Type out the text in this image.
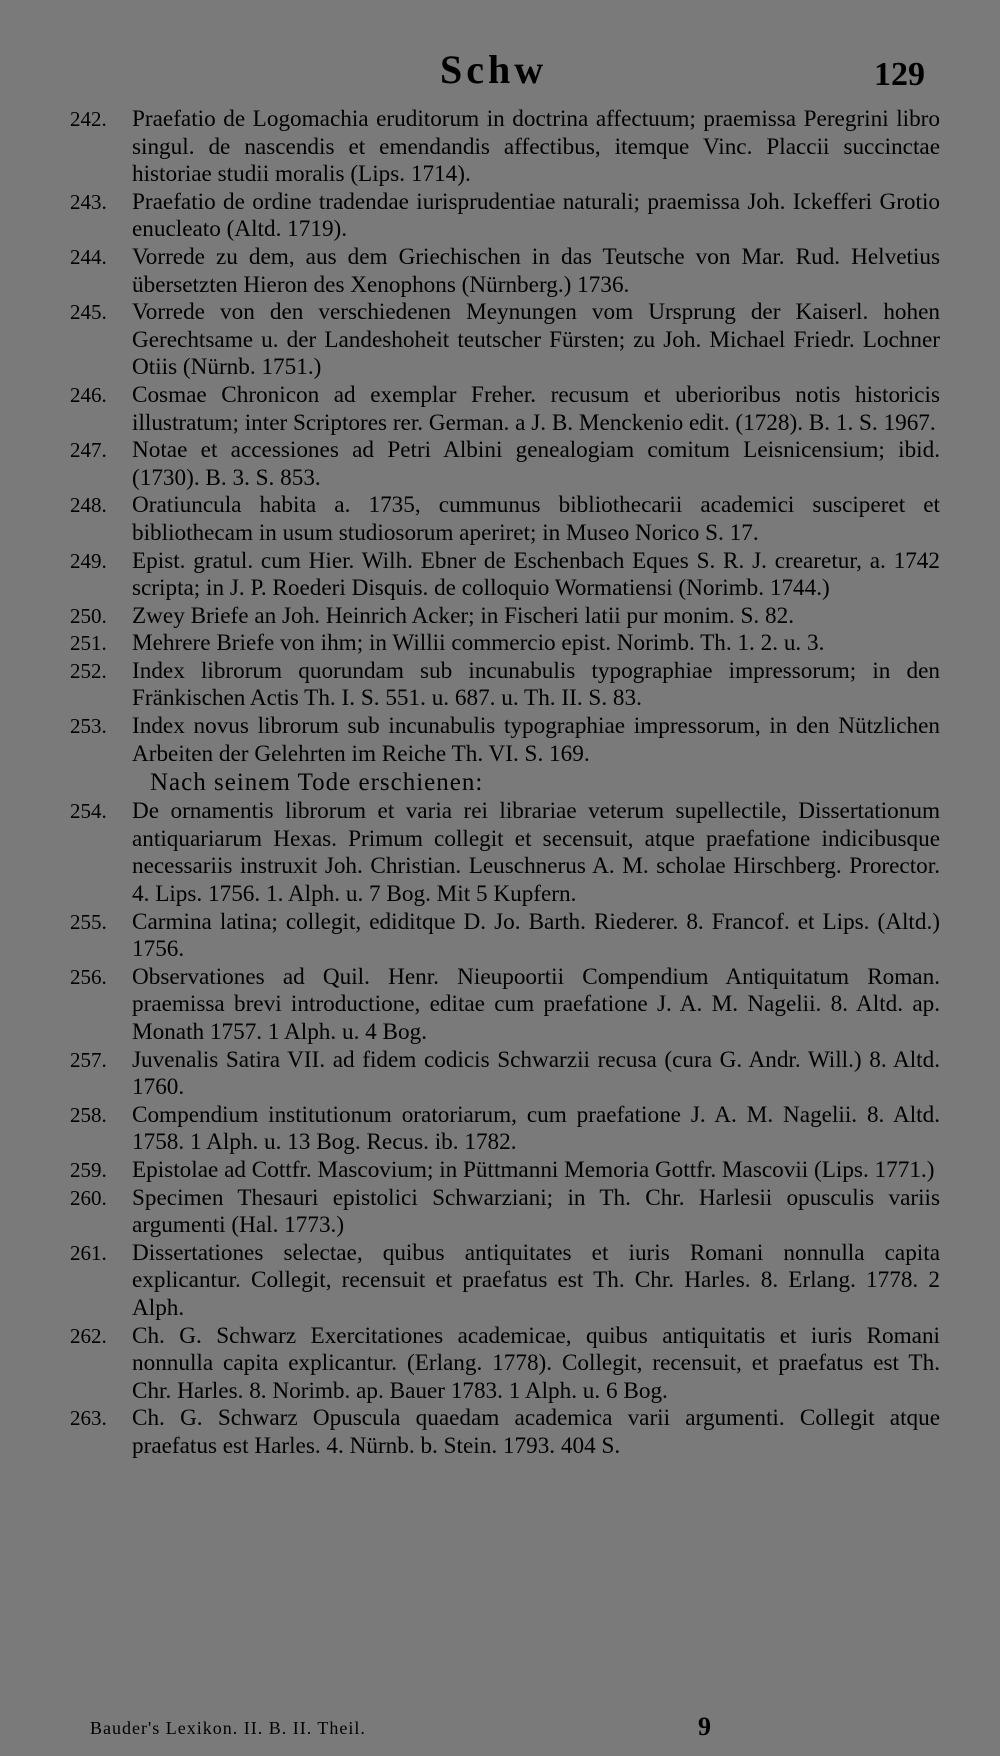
Schw	129
242.	Praefatio de Logomachia eruditorum in doctrina affectuum; praemissa Peregrini libro singul. de nascendis et emendandis affectibus, itemque Vinc. Placcii succinctae historiae studii moralis (Lips. 1714).
243.	Praefatio de ordine tradendae iurisprudentiae naturali; praemissa Joh. Ickefferi Grotio enucleato (Altd. 1719).
244.	Vorrede zu dem, aus dem Griechischen in das Teutsche von Mar. Rud. Helvetius übersetzten Hieron des Xenophons (Nürnberg.) 1736.
245.	Vorrede von den verschiedenen Meynungen vom Ursprung der Kaiserl. hohen Gerechtsame u. der Landeshoheit teutscher Fürsten; zu Joh. Michael Friedr. Lochner Otiis (Nürnb. 1751.)
246.	Cosmae Chronicon ad exemplar Freher. recusum et uberioribus notis historicis illustratum; inter Scriptores rer. German. a J. B. Menckenio edit. (1728). B. 1. S. 1967.
247.	Notae et accessiones ad Petri Albini genealogiam comitum Leisnicensium; ibid. (1730). B. 3. S. 853.
248.	Oratiuncula habita a. 1735, cummunus bibliothecarii academici susciperet et bibliothecam in usum studiosorum aperiret; in Museo Norico S. 17.
249.	Epist. gratul. cum Hier. Wilh. Ebner de Eschenbach Eques S. R. J. crearetur, a. 1742 scripta; in J. P. Roederi Disquis. de colloquio Wormatiensi (Norimb. 1744.)
250.	Zwey Briefe an Joh. Heinrich Acker; in Fischeri latii pur monim. S. 82.
251.	Mehrere Briefe von ihm; in Willii commercio epist. Norimb. Th. 1. 2. u. 3.
252.	Index librorum quorundam sub incunabulis typographiae impressorum; in den Fränkischen Actis Th. I. S. 551. u. 687. u. Th. II. S. 83.
253.	Index novus librorum sub incunabulis typographiae impressorum, in den Nützlichen Arbeiten der Gelehrten im Reiche Th. VI. S. 169.
Nach seinem Tode erschienen:
254.	De ornamentis librorum et varia rei librariae veterum supellectile, Dissertationum antiquariarum Hexas. Primum collegit et secensuit, atque praefatione indicibusque necessariis instruxit Joh. Christian. Leuschnerus A. M. scholae Hirschberg. Prorector. 4. Lips. 1756. 1. Alph. u. 7 Bog. Mit 5 Kupfern.
255.	Carmina latina; collegit, ediditque D. Jo. Barth. Riederer. 8. Francof. et Lips. (Altd.) 1756.
256.	Observationes ad Quil. Henr. Nieupoortii Compendium Antiquitatum Roman. praemissa brevi introductione, editae cum praefatione J. A. M. Nagelii. 8. Altd. ap. Monath 1757. 1 Alph. u. 4 Bog.
257.	Juvenalis Satira VII. ad fidem codicis Schwarzii recusa (cura G. Andr. Will.) 8. Altd. 1760.
258.	Compendium institutionum oratoriarum, cum praefatione J. A. M. Nagelii. 8. Altd. 1758. 1 Alph. u. 13 Bog. Recus. ib. 1782.
259.	Epistolae ad Cottfr. Mascovium; in Püttmanni Memoria Gottfr. Mascovii (Lips. 1771.)
260.	Specimen Thesauri epistolici Schwarziani; in Th. Chr. Harlesii opusculis variis argumenti (Hal. 1773.)
261.	Dissertationes selectae, quibus antiquitates et iuris Romani nonnulla capita explicantur. Collegit, recensuit et praefatus est Th. Chr. Harles. 8. Erlang. 1778. 2 Alph.
262.	Ch. G. Schwarz Exercitationes academicae, quibus antiquitatis et iuris Romani nonnulla capita explicantur. (Erlang. 1778). Collegit, recensuit, et praefatus est Th. Chr. Harles. 8. Norimb. ap. Bauer 1783. 1 Alph. u. 6 Bog.
263.	Ch. G. Schwarz Opuscula quaedam academica varii argumenti. Collegit atque praefatus est Harles. 4. Nürnb. b. Stein. 1793. 404 S.
Bauder's Lexikon. II. B. II. Theil.	9
